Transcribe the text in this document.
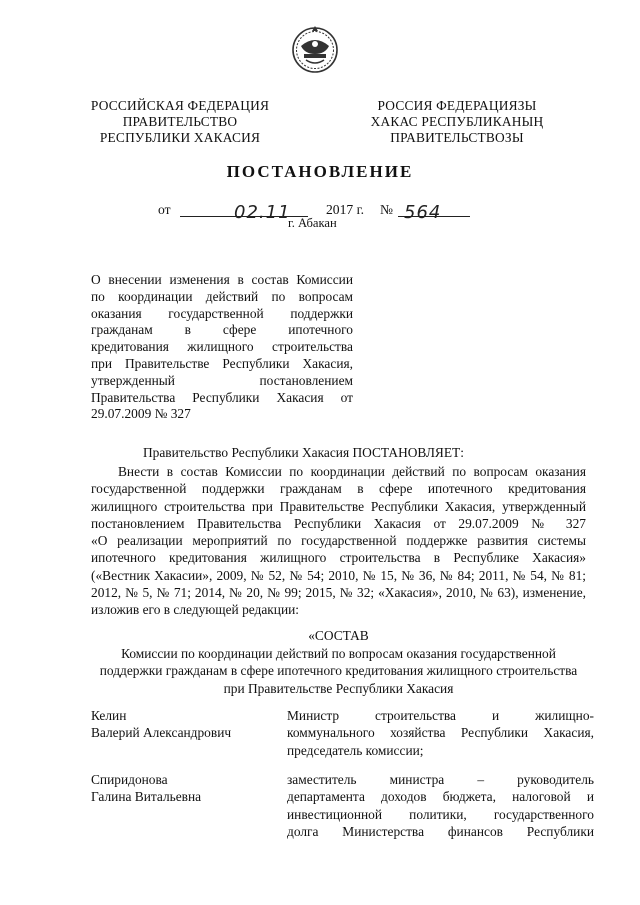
РОССИЙСКАЯ ФЕДЕРАЦИЯ
ПРАВИТЕЛЬСТВО
РЕСПУБЛИКИ ХАКАСИЯ
РОССИЯ ФЕДЕРАЦИЯЗЫ
ХАКАС РЕСПУБЛИКАНЫҢ
ПРАВИТЕЛЬСТВОЗЫ
ПОСТАНОВЛЕНИЕ
от	02.11	2017 г. № 564
г. Абакан
О внесении изменения в состав Комиссии
по координации действий по вопросам
оказания государственной поддержки
гражданам в сфере ипотечного
кредитования жилищного строительства
при Правительстве Республики Хакасия,
утвержденный постановлением
Правительства Республики Хакасия от
29.07.2009 № 327
Правительство Республики Хакасия ПОСТАНОВЛЯЕТ:
Внести в состав Комиссии по координации действий по вопросам оказания
государственной поддержки гражданам в сфере ипотечного кредитования
жилищного строительства при Правительстве Республики Хакасия, утвержденный
постановлением Правительства Республики Хакасия от 29.07.2009 № 327
«О реализации мероприятий по государственной поддержке развития системы
ипотечного кредитования жилищного строительства в Республике Хакасия»
(«Вестник Хакасии», 2009, № 52, № 54; 2010, № 15, № 36, № 84; 2011, № 54, № 81;
2012, № 5, № 71; 2014, № 20, № 99; 2015, № 32; «Хакасия», 2010, № 63), изменение,
изложив его в следующей редакции:
«СОСТАВ
Комиссии по координации действий по вопросам оказания государственной
поддержки гражданам в сфере ипотечного кредитования жилищного строительства
при Правительстве Республики Хакасия
Келин
Валерий Александрович
Министр строительства и жилищно-
коммунального хозяйства Республики Хакасия,
председатель комиссии;
Спиридонова
Галина Витальевна
заместитель министра – руководитель
департамента доходов бюджета, налоговой и
инвестиционной политики, государственного
долга Министерства финансов Республики
